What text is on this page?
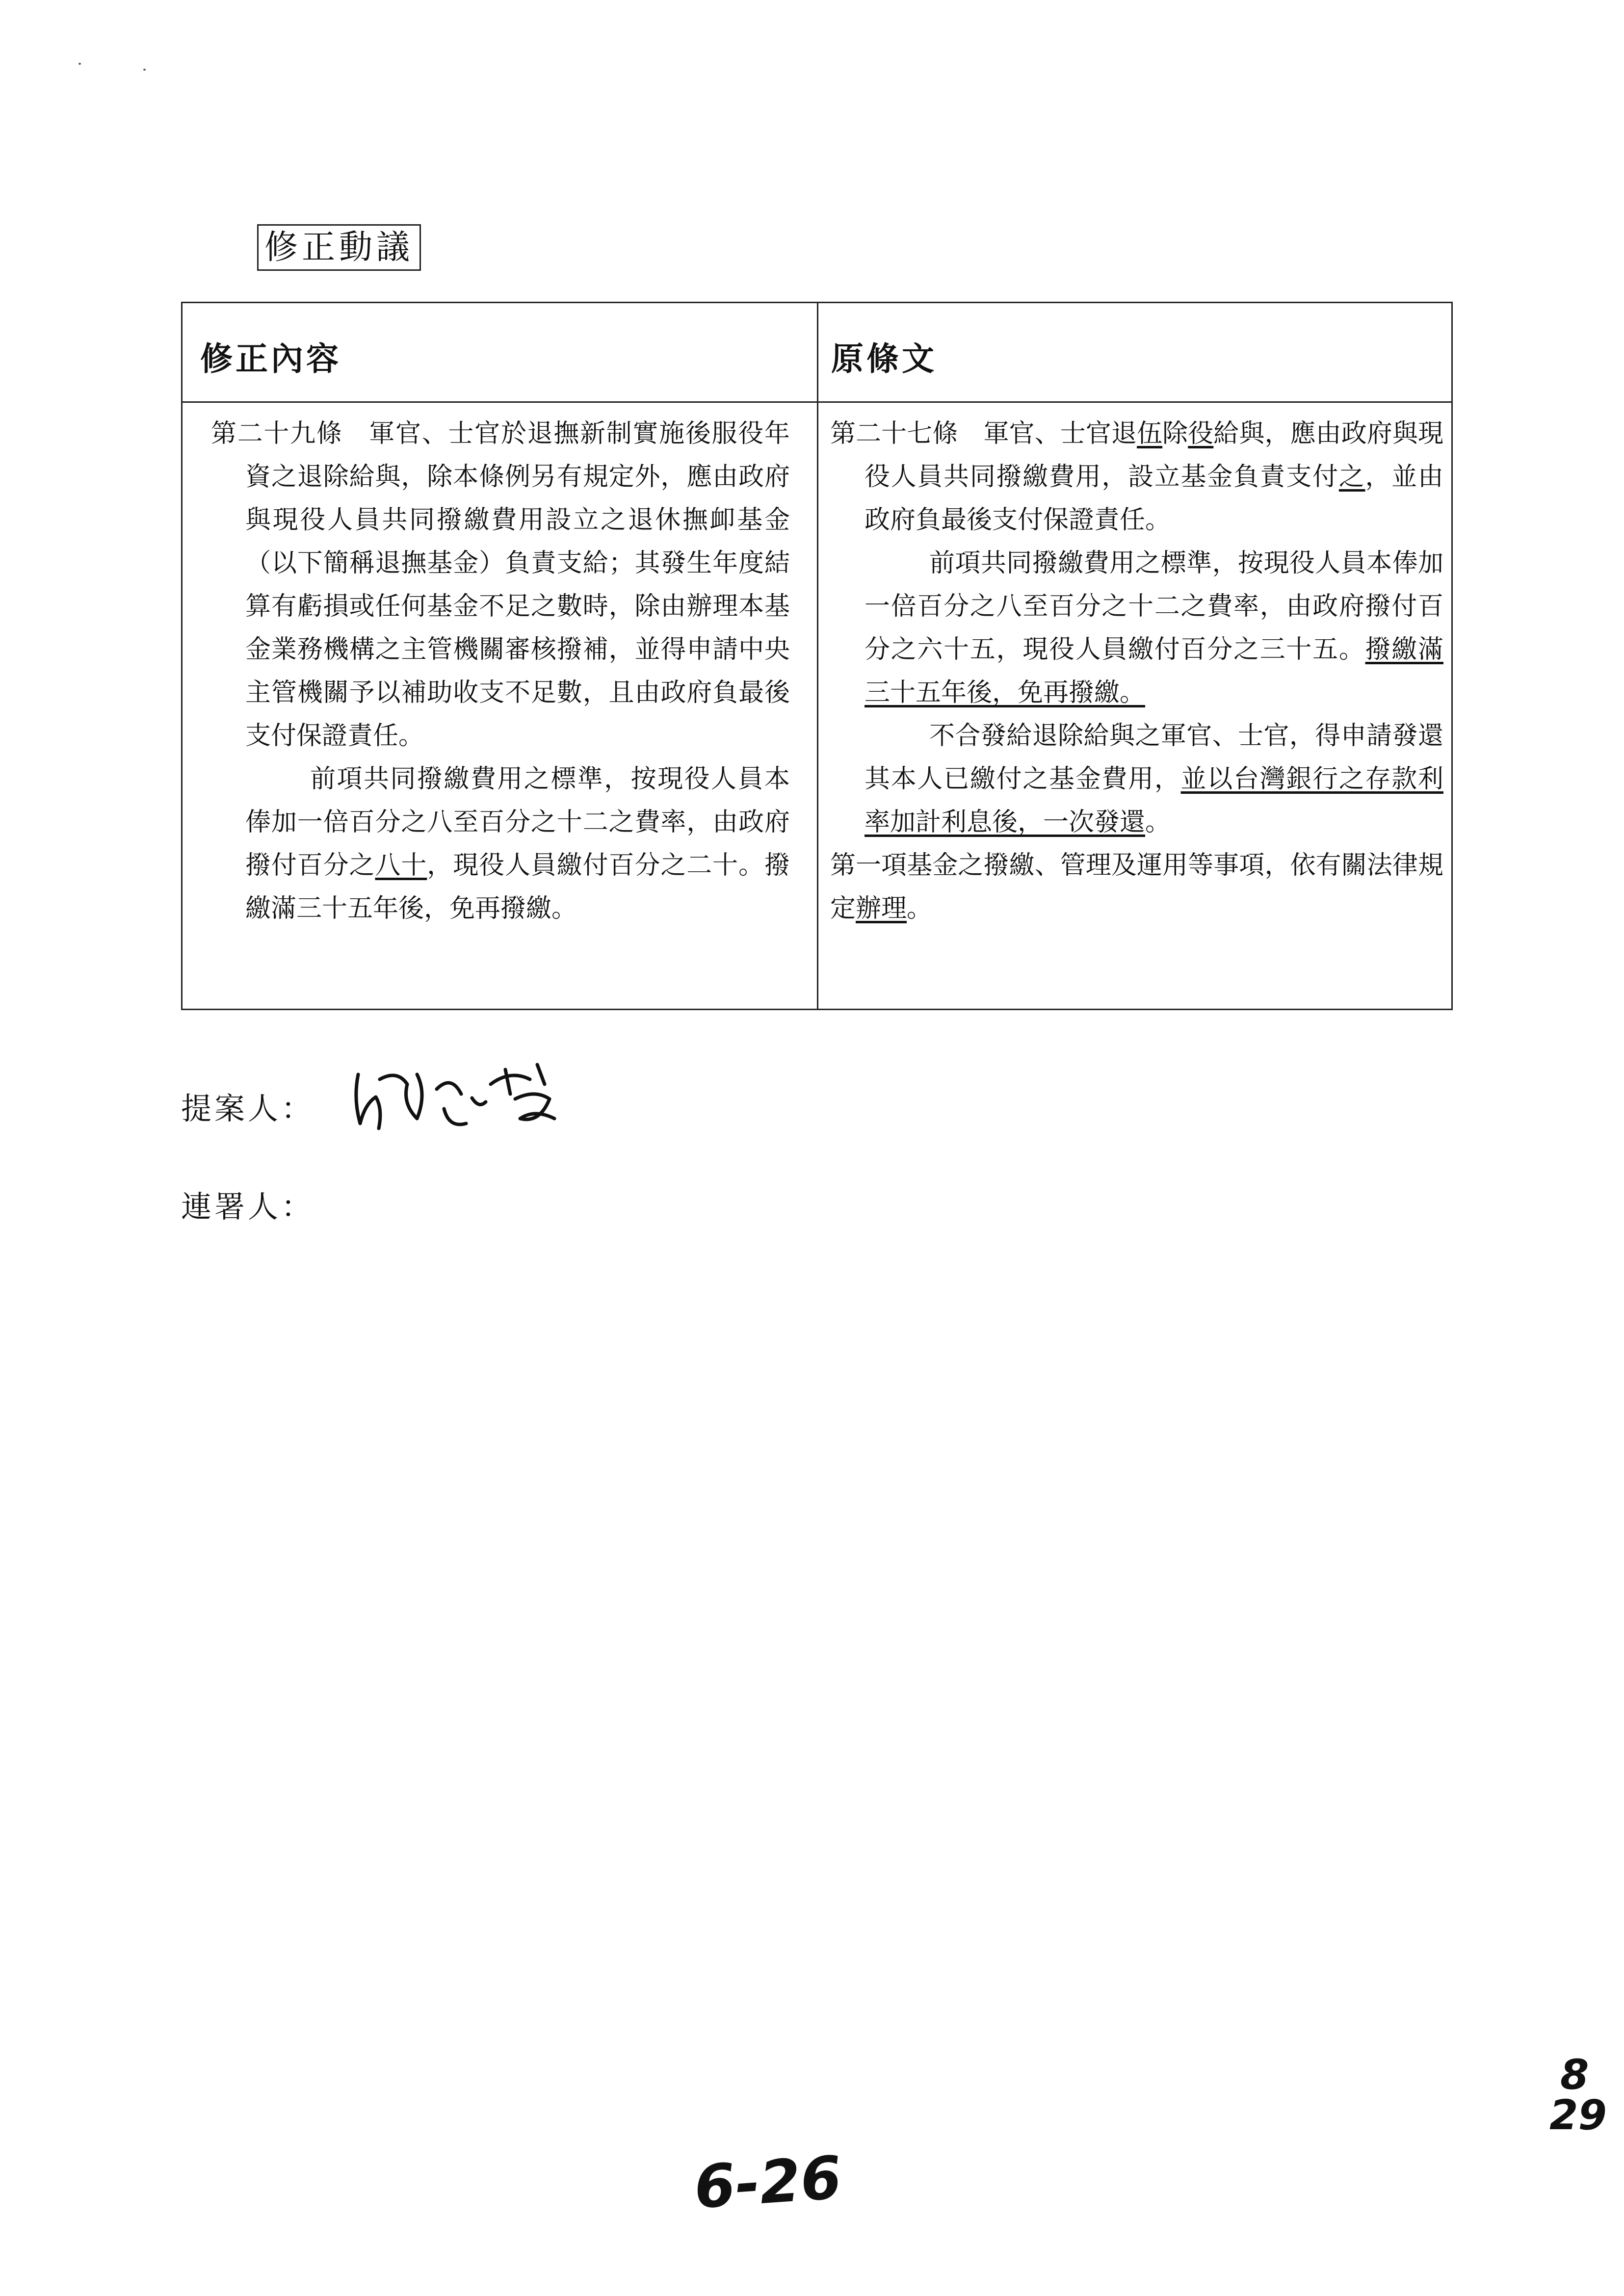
修正動議
修正內容	原條文

第二十九條　軍官、士官於退撫新制實施後服役年資之退除給與，除本條例另有規定外，應由政府與現役人員共同撥繳費用設立之退休撫卹基金（以下簡稱退撫基金）負責支給；其發生年度結算有虧損或任何基金不足之數時，除由辦理本基金業務機構之主管機關審核撥補，並得申請中央主管機關予以補助收支不足數，且由政府負最後支付保證責任。

前項共同撥繳費用之標準，按現役人員本俸加一倍百分之八至百分之十二之費率，由政府撥付百分之八十，現役人員繳付百分之二十。撥繳滿三十五年後，免再撥繳。

第二十七條　軍官、士官退伍除役給與，應由政府與現役人員共同撥繳費用，設立基金負責支付之，並由政府負最後支付保證責任。

前項共同撥繳費用之標準，按現役人員本俸加一倍百分之八至百分之十二之費率，由政府撥付百分之六十五，現役人員繳付百分之三十五。撥繳滿三十五年後，免再撥繳。

不合發給退除給與之軍官、士官，得申請發還其本人已繳付之基金費用，並以台灣銀行之存款利率加計利息後，一次發還。

第一項基金之撥繳、管理及運用等事項，依有關法律規定辦理。

提案人：
連署人：
6-26
8
29
